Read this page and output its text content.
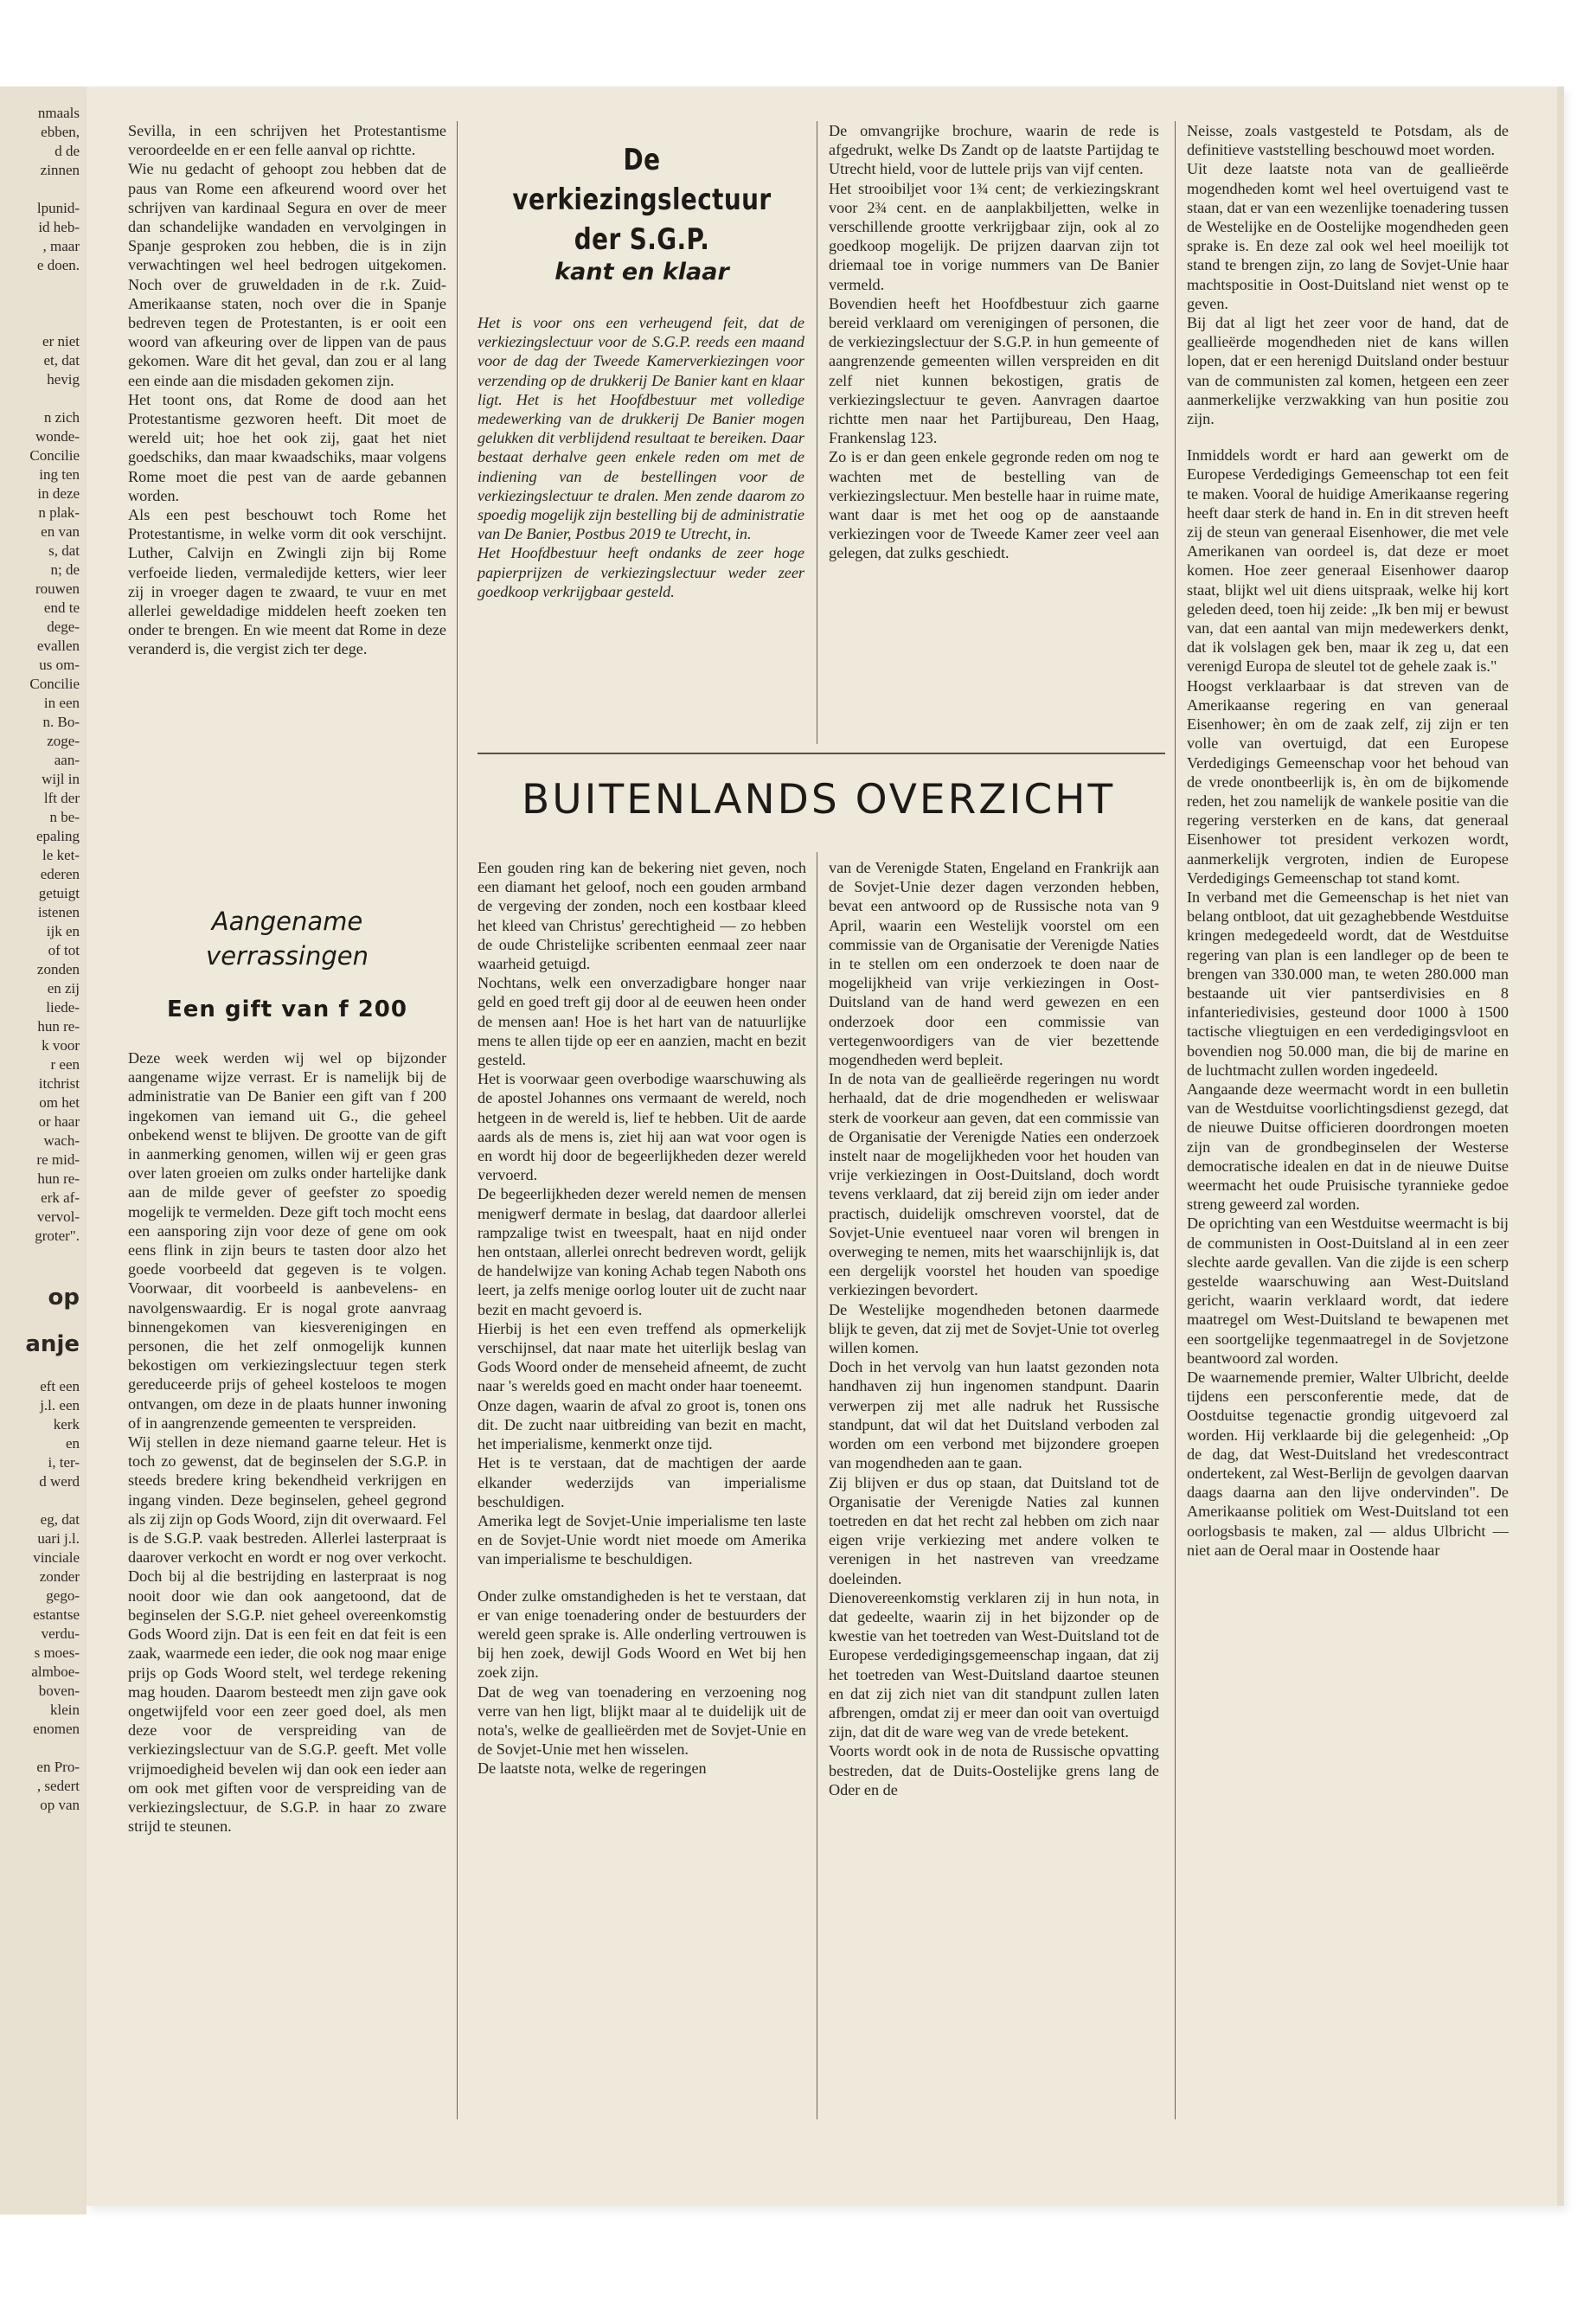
nmaals

ebben,

d de

zinnen

lpunid-

id heb-

, maar

e doen.

er niet

et, dat

hevig

n zich

wonde-

Concilie

ing ten

in deze

n plak-

en van

s, dat

n; de

rouwen

end te

dege-

evallen

us om-

Concilie

in een

n. Bo-

zoge-

aan-

wijl in

lft der

n be-

epaling

le ket-

ederen

getuigt

istenen

ijk en

of tot

zonden

en zij

liede-

hun re-

k voor

r een

itchrist

om het

or haar

wach-

re mid-

hun re-

erk af-

vervol-

groter".

op

anje

eft een

j.l. een

kerk

en

i, ter-

d werd

eg, dat

uari j.l.

vinciale

zonder

gego-

estantse

verdu-

s moes-

almboe-

boven-

klein

enomen

en Pro-

, sedert

op van

Sevilla, in een schrijven het Protestantisme veroordeelde en er een felle aanval op richtte.

Wie nu gedacht of gehoopt zou hebben dat de paus van Rome een afkeurend woord over het schrijven van kardinaal Segura en over de meer dan schandelijke wandaden en vervolgingen in Spanje gesproken zou hebben, die is in zijn verwachtingen wel heel bedrogen uitgekomen. Noch over de gruweldaden in de r.k. Zuid-Amerikaanse staten, noch over die in Spanje bedreven tegen de Protestanten, is er ooit een woord van afkeuring over de lippen van de paus gekomen. Ware dit het geval, dan zou er al lang een einde aan die misdaden gekomen zijn.

Het toont ons, dat Rome de dood aan het Protestantisme gezworen heeft. Dit moet de wereld uit; hoe het ook zij, gaat het niet goedschiks, dan maar kwaadschiks, maar volgens Rome moet die pest van de aarde gebannen worden.

Als een pest beschouwt toch Rome het Protestantisme, in welke vorm dit ook verschijnt. Luther, Calvijn en Zwingli zijn bij Rome verfoeide lieden, vermaledijde ketters, wier leer zij in vroeger dagen te zwaard, te vuur en met allerlei geweldadige middelen heeft zoeken ten onder te brengen. En wie meent dat Rome in deze veranderd is, die vergist zich ter dege.

Aangename
verrassingen
Een gift van f 200

Deze week werden wij wel op bijzonder aangename wijze verrast. Er is namelijk bij de administratie van De Banier een gift van f 200 ingekomen van iemand uit G., die geheel onbekend wenst te blijven. De grootte van de gift in aanmerking genomen, willen wij er geen gras over laten groeien om zulks onder hartelijke dank aan de milde gever of geefster zo spoedig mogelijk te vermelden. Deze gift toch mocht eens een aansporing zijn voor deze of gene om ook eens flink in zijn beurs te tasten door alzo het goede voorbeeld dat gegeven is te volgen. Voorwaar, dit voorbeeld is aanbevelens- en navolgenswaardig. Er is nogal grote aanvraag binnengekomen van kiesverenigingen en personen, die het zelf onmogelijk kunnen bekostigen om verkiezingslectuur tegen sterk gereduceerde prijs of geheel kosteloos te mogen ontvangen, om deze in de plaats hunner inwoning of in aangrenzende gemeenten te verspreiden.

Wij stellen in deze niemand gaarne teleur. Het is toch zo gewenst, dat de beginselen der S.G.P. in steeds bredere kring bekendheid verkrijgen en ingang vinden. Deze beginselen, geheel gegrond als zij zijn op Gods Woord, zijn dit overwaard. Fel is de S.G.P. vaak bestreden. Allerlei lasterpraat is daarover verkocht en wordt er nog over verkocht. Doch bij al die bestrijding en lasterpraat is nog nooit door wie dan ook aangetoond, dat de beginselen der S.G.P. niet geheel overeenkomstig Gods Woord zijn. Dat is een feit en dat feit is een zaak, waarmede een ieder, die ook nog maar enige prijs op Gods Woord stelt, wel terdege rekening mag houden. Daarom besteedt men zijn gave ook ongetwijfeld voor een zeer goed doel, als men deze voor de verspreiding van de verkiezingslectuur van de S.G.P. geeft. Met volle vrijmoedigheid bevelen wij dan ook een ieder aan om ook met giften voor de verspreiding van de verkiezingslectuur, de S.G.P. in haar zo zware strijd te steunen.

De verkiezingslectuur
der S.G.P.
kant en klaar

Het is voor ons een verheugend feit, dat de verkiezingslectuur voor de S.G.P. reeds een maand voor de dag der Tweede Kamerverkiezingen voor verzending op de drukkerij De Banier kant en klaar ligt. Het is het Hoofdbestuur met volledige medewerking van de drukkerij De Banier mogen gelukken dit verblijdend resultaat te bereiken. Daar bestaat derhalve geen enkele reden om met de indiening van de bestellingen voor de verkiezingslectuur te dralen. Men zende daarom zo spoedig mogelijk zijn bestelling bij de administratie van De Banier, Postbus 2019 te Utrecht, in.

Het Hoofdbestuur heeft ondanks de zeer hoge papierprijzen de verkiezingslectuur weder zeer goedkoop verkrijgbaar gesteld.

De omvangrijke brochure, waarin de rede is afgedrukt, welke Ds Zandt op de laatste Partijdag te Utrecht hield, voor de luttele prijs van vijf centen.

Het strooibiljet voor 1¾ cent; de verkiezingskrant voor 2¾ cent. en de aanplakbiljetten, welke in verschillende grootte verkrijgbaar zijn, ook al zo goedkoop mogelijk. De prijzen daarvan zijn tot driemaal toe in vorige nummers van De Banier vermeld.

Bovendien heeft het Hoofdbestuur zich gaarne bereid verklaard om verenigingen of personen, die de verkiezingslectuur der S.G.P. in hun gemeente of aangrenzende gemeenten willen verspreiden en dit zelf niet kunnen bekostigen, gratis de verkiezingslectuur te geven. Aanvragen daartoe richtte men naar het Partijbureau, Den Haag, Frankenslag 123.

Zo is er dan geen enkele gegronde reden om nog te wachten met de bestelling van de verkiezingslectuur. Men bestelle haar in ruime mate, want daar is met het oog op de aanstaande verkiezingen voor de Tweede Kamer zeer veel aan gelegen, dat zulks geschiedt.

BUITENLANDS OVERZICHT

Een gouden ring kan de bekering niet geven, noch een diamant het geloof, noch een gouden armband de vergeving der zonden, noch een kostbaar kleed het kleed van Christus' gerechtigheid — zo hebben de oude Christelijke scribenten eenmaal zeer naar waarheid getuigd.

Nochtans, welk een onverzadigbare honger naar geld en goed treft gij door al de eeuwen heen onder de mensen aan! Hoe is het hart van de natuurlijke mens te allen tijde op eer en aanzien, macht en bezit gesteld.

Het is voorwaar geen overbodige waarschuwing als de apostel Johannes ons vermaant de wereld, noch hetgeen in de wereld is, lief te hebben. Uit de aarde aards als de mens is, ziet hij aan wat voor ogen is en wordt hij door de begeerlijkheden dezer wereld vervoerd.

De begeerlijkheden dezer wereld nemen de mensen menigwerf dermate in beslag, dat daardoor allerlei rampzalige twist en tweespalt, haat en nijd onder hen ontstaan, allerlei onrecht bedreven wordt, gelijk de handelwijze van koning Achab tegen Naboth ons leert, ja zelfs menige oorlog louter uit de zucht naar bezit en macht gevoerd is.

Hierbij is het een even treffend als opmerkelijk verschijnsel, dat naar mate het uiterlijk beslag van Gods Woord onder de menseheid afneemt, de zucht naar 's werelds goed en macht onder haar toeneemt.

Onze dagen, waarin de afval zo groot is, tonen ons dit. De zucht naar uitbreiding van bezit en macht, het imperialisme, kenmerkt onze tijd.

Het is te verstaan, dat de machtigen der aarde elkander wederzijds van imperialisme beschuldigen.

Amerika legt de Sovjet-Unie imperialisme ten laste en de Sovjet-Unie wordt niet moede om Amerika van imperialisme te beschuldigen.

Onder zulke omstandigheden is het te verstaan, dat er van enige toenadering onder de bestuurders der wereld geen sprake is. Alle onderling vertrouwen is bij hen zoek, dewijl Gods Woord en Wet bij hen zoek zijn.

Dat de weg van toenadering en verzoening nog verre van hen ligt, blijkt maar al te duidelijk uit de nota's, welke de geallieërden met de Sovjet-Unie en de Sovjet-Unie met hen wisselen.

De laatste nota, welke de regeringen

van de Verenigde Staten, Engeland en Frankrijk aan de Sovjet-Unie dezer dagen verzonden hebben, bevat een antwoord op de Russische nota van 9 April, waarin een Westelijk voorstel om een commissie van de Organisatie der Verenigde Naties in te stellen om een onderzoek te doen naar de mogelijkheid van vrije verkiezingen in Oost-Duitsland van de hand werd gewezen en een onderzoek door een commissie van vertegenwoordigers van de vier bezettende mogendheden werd bepleit.

In de nota van de geallieërde regeringen nu wordt herhaald, dat de drie mogendheden er weliswaar sterk de voorkeur aan geven, dat een commissie van de Organisatie der Verenigde Naties een onderzoek instelt naar de mogelijkheden voor het houden van vrije verkiezingen in Oost-Duitsland, doch wordt tevens verklaard, dat zij bereid zijn om ieder ander practisch, duidelijk omschreven voorstel, dat de Sovjet-Unie eventueel naar voren wil brengen in overweging te nemen, mits het waarschijnlijk is, dat een dergelijk voorstel het houden van spoedige verkiezingen bevordert.

De Westelijke mogendheden betonen daarmede blijk te geven, dat zij met de Sovjet-Unie tot overleg willen komen.

Doch in het vervolg van hun laatst gezonden nota handhaven zij hun ingenomen standpunt. Daarin verwerpen zij met alle nadruk het Russische standpunt, dat wil dat het Duitsland verboden zal worden om een verbond met bijzondere groepen van mogendheden aan te gaan.

Zij blijven er dus op staan, dat Duitsland tot de Organisatie der Verenigde Naties zal kunnen toetreden en dat het recht zal hebben om zich naar eigen vrije verkiezing met andere volken te verenigen in het nastreven van vreedzame doeleinden.

Dienovereenkomstig verklaren zij in hun nota, in dat gedeelte, waarin zij in het bijzonder op de kwestie van het toetreden van West-Duitsland tot de Europese verdedigingsgemeenschap ingaan, dat zij het toetreden van West-Duitsland daartoe steunen en dat zij zich niet van dit standpunt zullen laten afbrengen, omdat zij er meer dan ooit van overtuigd zijn, dat dit de ware weg van de vrede betekent.

Voorts wordt ook in de nota de Russische opvatting bestreden, dat de Duits-Oostelijke grens lang de Oder en de

Neisse, zoals vastgesteld te Potsdam, als de definitieve vaststelling beschouwd moet worden.

Uit deze laatste nota van de geallieërde mogendheden komt wel heel overtuigend vast te staan, dat er van een wezenlijke toenadering tussen de Westelijke en de Oostelijke mogendheden geen sprake is. En deze zal ook wel heel moeilijk tot stand te brengen zijn, zo lang de Sovjet-Unie haar machtspositie in Oost-Duitsland niet wenst op te geven.

Bij dat al ligt het zeer voor de hand, dat de geallieërde mogendheden niet de kans willen lopen, dat er een herenigd Duitsland onder bestuur van de communisten zal komen, hetgeen een zeer aanmerkelijke verzwakking van hun positie zou zijn.

Inmiddels wordt er hard aan gewerkt om de Europese Verdedigings Gemeenschap tot een feit te maken. Vooral de huidige Amerikaanse regering heeft daar sterk de hand in. En in dit streven heeft zij de steun van generaal Eisenhower, die met vele Amerikanen van oordeel is, dat deze er moet komen. Hoe zeer generaal Eisenhower daarop staat, blijkt wel uit diens uitspraak, welke hij kort geleden deed, toen hij zeide: „Ik ben mij er bewust van, dat een aantal van mijn medewerkers denkt, dat ik volslagen gek ben, maar ik zeg u, dat een verenigd Europa de sleutel tot de gehele zaak is."

Hoogst verklaarbaar is dat streven van de Amerikaanse regering en van generaal Eisenhower; èn om de zaak zelf, zij zijn er ten volle van overtuigd, dat een Europese Verdedigings Gemeenschap voor het behoud van de vrede onontbeerlijk is, èn om de bijkomende reden, het zou namelijk de wankele positie van die regering versterken en de kans, dat generaal Eisenhower tot president verkozen wordt, aanmerkelijk vergroten, indien de Europese Verdedigings Gemeenschap tot stand komt.

In verband met die Gemeenschap is het niet van belang ontbloot, dat uit gezaghebbende Westduitse kringen medegedeeld wordt, dat de Westduitse regering van plan is een landleger op de been te brengen van 330.000 man, te weten 280.000 man bestaande uit vier pantserdivisies en 8 infanteriedivisies, gesteund door 1000 à 1500 tactische vliegtuigen en een verdedigingsvloot en bovendien nog 50.000 man, die bij de marine en de luchtmacht zullen worden ingedeeld.

Aangaande deze weermacht wordt in een bulletin van de Westduitse voorlichtingsdienst gezegd, dat de nieuwe Duitse officieren doordrongen moeten zijn van de grondbeginselen der Westerse democratische idealen en dat in de nieuwe Duitse weermacht het oude Pruisische tyrannieke gedoe streng geweerd zal worden.

De oprichting van een Westduitse weermacht is bij de communisten in Oost-Duitsland al in een zeer slechte aarde gevallen. Van die zijde is een scherp gestelde waarschuwing aan West-Duitsland gericht, waarin verklaard wordt, dat iedere maatregel om West-Duitsland te bewapenen met een soortgelijke tegenmaatregel in de Sovjetzone beantwoord zal worden.

De waarnemende premier, Walter Ulbricht, deelde tijdens een persconferentie mede, dat de Oostduitse tegenactie grondig uitgevoerd zal worden. Hij verklaarde bij die gelegenheid: „Op de dag, dat West-Duitsland het vredescontract ondertekent, zal West-Berlijn de gevolgen daarvan daags daarna aan den lijve ondervinden". De Amerikaanse politiek om West-Duitsland tot een oorlogsbasis te maken, zal — aldus Ulbricht — niet aan de Oeral maar in Oostende haar
